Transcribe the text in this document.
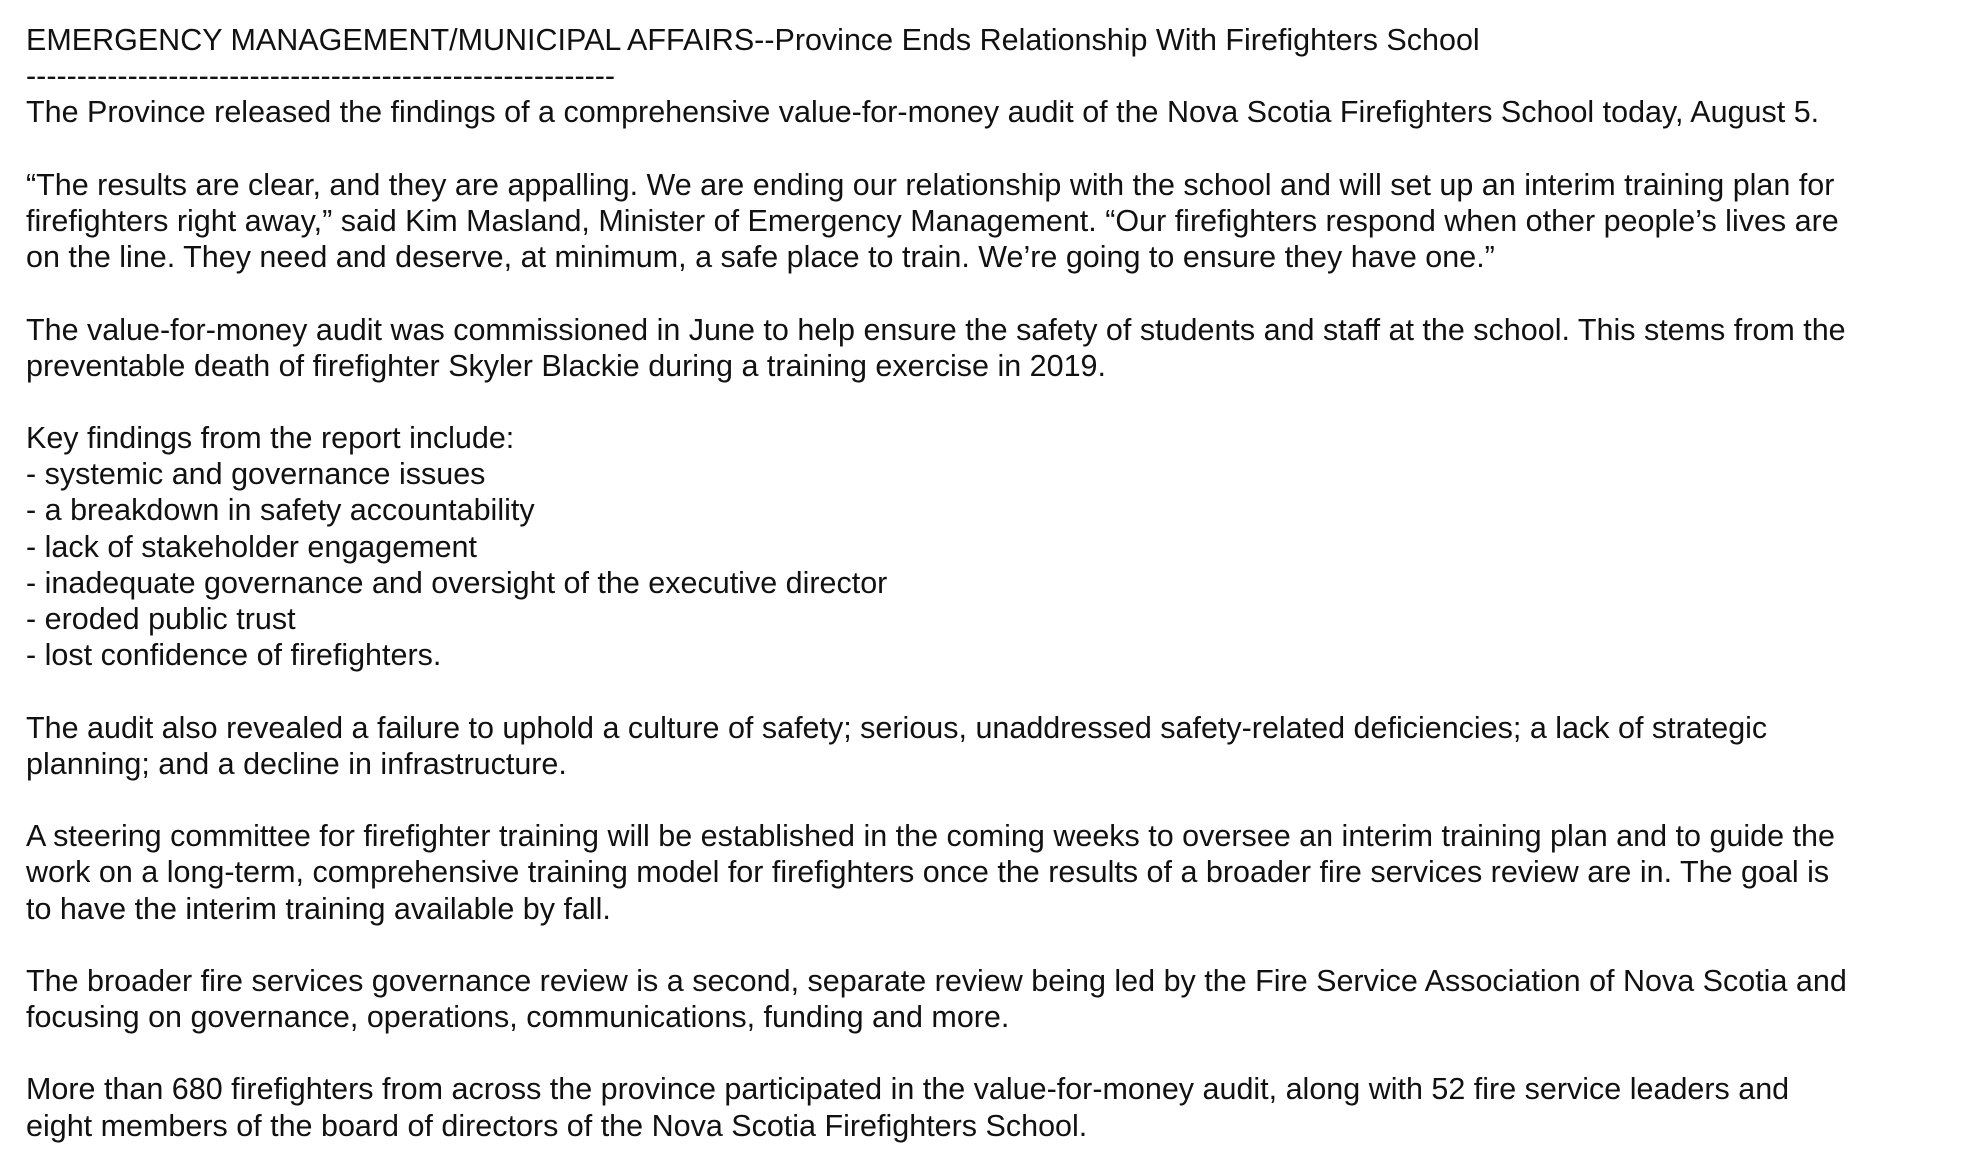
EMERGENCY MANAGEMENT/MUNICIPAL AFFAIRS--Province Ends Relationship With Firefighters School
----------------------------------------------------------
The Province released the findings of a comprehensive value-for-money audit of the Nova Scotia Firefighters School today, August 5.
“The results are clear, and they are appalling. We are ending our relationship with the school and will set up an interim training plan for
firefighters right away,” said Kim Masland, Minister of Emergency Management. “Our firefighters respond when other people’s lives are
on the line. They need and deserve, at minimum, a safe place to train. We’re going to ensure they have one.”
The value-for-money audit was commissioned in June to help ensure the safety of students and staff at the school. This stems from the
preventable death of firefighter Skyler Blackie during a training exercise in 2019.
Key findings from the report include:
- systemic and governance issues
- a breakdown in safety accountability
- lack of stakeholder engagement
- inadequate governance and oversight of the executive director
- eroded public trust
- lost confidence of firefighters.
The audit also revealed a failure to uphold a culture of safety; serious, unaddressed safety-related deficiencies; a lack of strategic
planning; and a decline in infrastructure.
A steering committee for firefighter training will be established in the coming weeks to oversee an interim training plan and to guide the
work on a long-term, comprehensive training model for firefighters once the results of a broader fire services review are in. The goal is
to have the interim training available by fall.
The broader fire services governance review is a second, separate review being led by the Fire Service Association of Nova Scotia and
focusing on governance, operations, communications, funding and more.
More than 680 firefighters from across the province participated in the value-for-money audit, along with 52 fire service leaders and
eight members of the board of directors of the Nova Scotia Firefighters School.
